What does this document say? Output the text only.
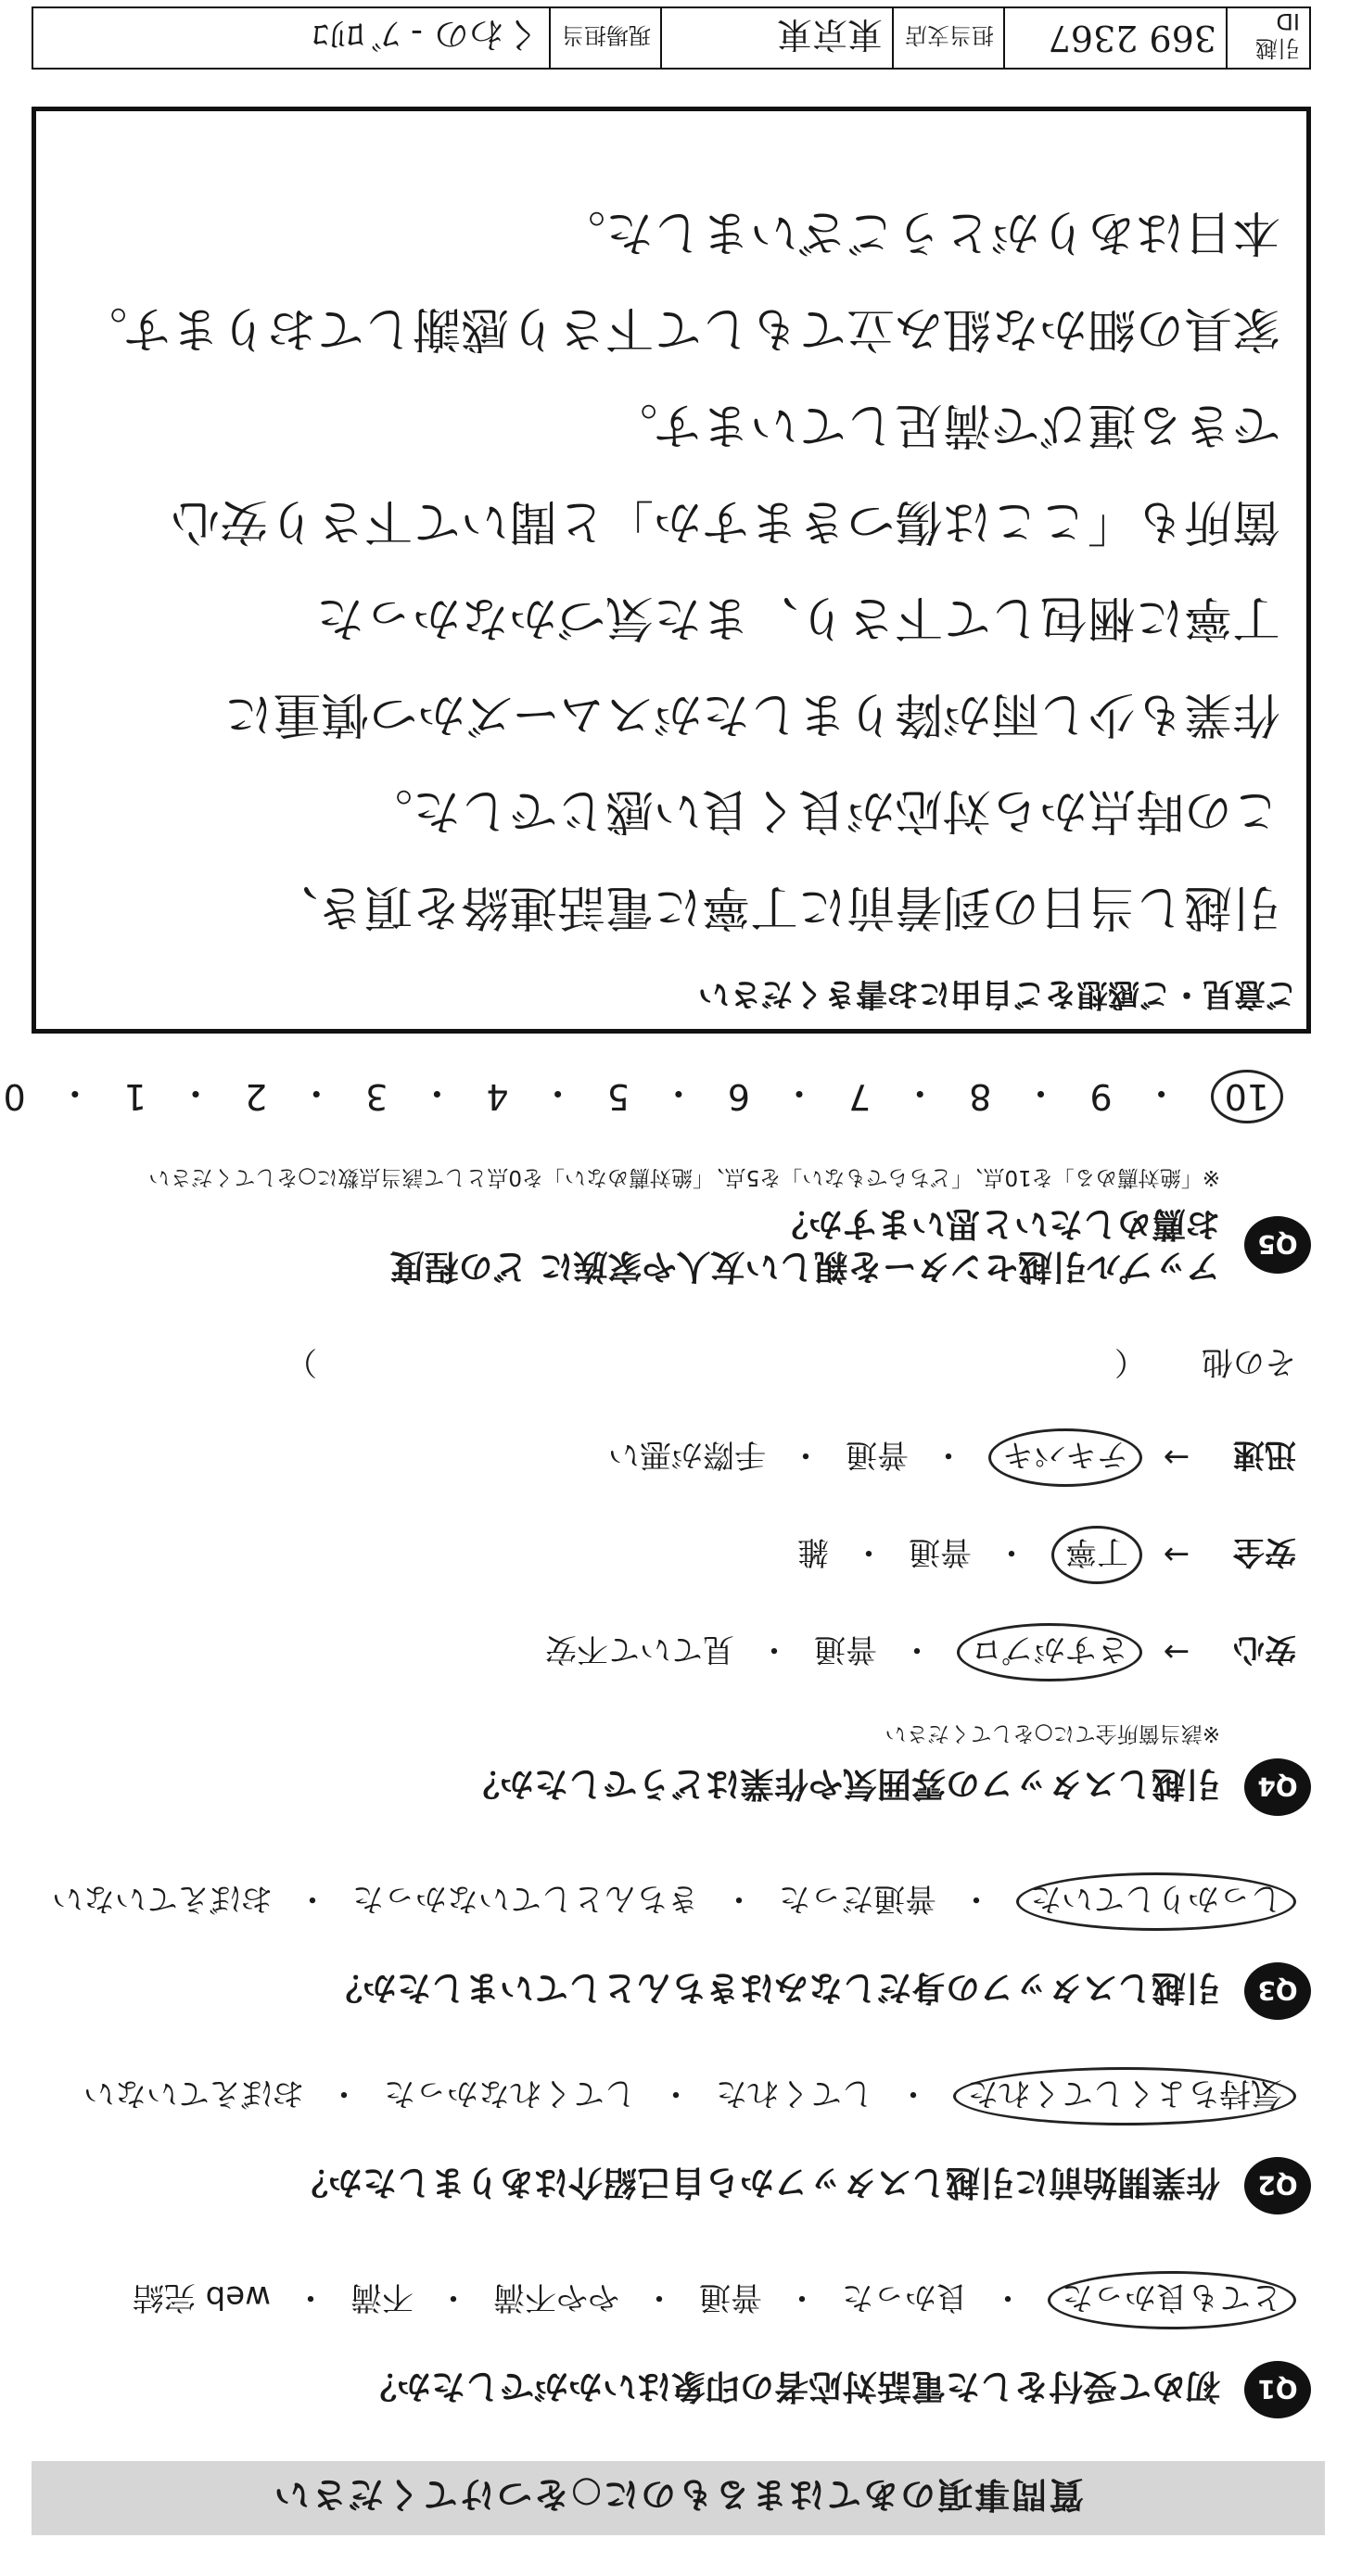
質問事項のあてはまるものに○をつけてください
Q1
初めて受付をした電話対応者の印象はいかがでしたか？
とても良かった
・
良かった
・
普通
・
やや不満
・
不満
・
web 完結
Q2
作業開始前に引越しスタッフから自己紹介はありましたか？
気持ちよくしてくれた
・
してくれた
・
してくれなかった
・
おぼえていない
Q3
引越しスタッフの身だしなみはきちんとしていましたか？
しっかりしていた
・
普通だった
・
きちんとしていなかった
・
おぼえていない
Q4
引越しスタッフの雰囲気や作業はどうでしたか？
※該当箇所全てに○をしてください
安心
→
さすがプロ
・
普通
・
見ていて不安
安全
→
丁寧
・
普通
・
雑
迅速
→
テキパキ
・
普通
・
手際が悪い
その他
（
）
Q5
アップル引越センターを親しい友人や家族に どの程度お薦めしたいと思いますか？
※「絶対薦める」を10点、「どちらでもない」を5点、「絶対薦めない」を0点として該当点数に○をしてください
10
・
9
・
8
・
7
・
6
・
5
・
4
・
3
・
2
・
1
・
0
ご意見・ご感想をご自由にお書きください
引越し当日の到着前に丁寧に電話連絡を頂き、
この時点から対応が良く良い感じでした。
作業も少し雨が降りましたがスムーズかつ慎重に
丁寧に梱包して下さり、また気づかなかった
箇所も「ここは傷つきますか」と聞いて下さり安心
できる運びで満足しています。
家具の細かな組み立てもして下さり感謝しております。
本日はありがとうございました。
引越ID
369 2367
担当支店
東京東
現場担当
くわの - ﾌﾞﾛﾘｺ
